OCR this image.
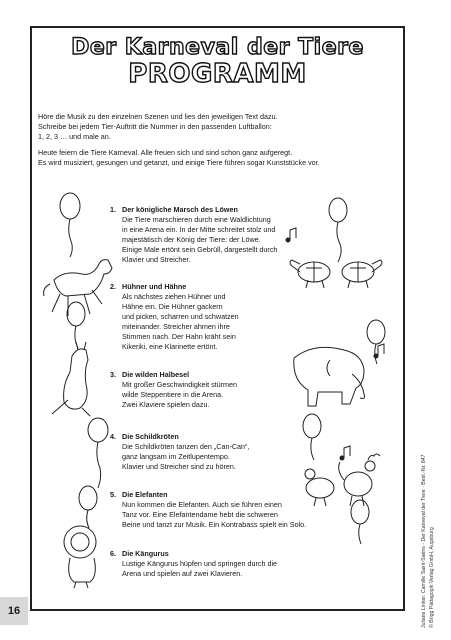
Der Karneval der Tiere
PROGRAMM

Höre die Musik zu den einzelnen Szenen und lies den jeweiligen Text dazu.
Schreibe bei jedem Tier-Auftritt die Nummer in den passenden Luftballon:
1, 2, 3 … und male an.

Heute feiern die Tiere Karneval. Alle freuen sich und sind schon ganz aufgeregt.
Es wird musiziert, gesungen und getanzt, und einige Tiere führen sogar Kunststücke vor.

1. Der königliche Marsch des Löwen
Die Tiere marschieren durch eine Waldlichtung
in eine Arena ein. In der Mitte schreitet stolz und
majestätisch der König der Tiere: der Löwe.
Einige Male ertönt sein Gebrüll, dargestellt durch
Klavier und Streicher.
2. Hühner und Hähne
Als nächstes ziehen Hühner und
Hähne ein. Die Hühner gackern
und picken, scharren und schwatzen
miteinander. Streicher ahmen ihre
Stimmen nach. Der Hahn kräht sein
Kikeriki, eine Klarinette ertönt.
3. Die wilden Halbesel
Mit großer Geschwindigkeit stürmen
wilde Steppentiere in die Arena.
Zwei Klaviere spielen dazu.
4. Die Schildkröten
Die Schildkröten tanzen den „Can-Can“,
ganz langsam im Zeitlupentempo.
Klavier und Streicher sind zu hören.
5. Die Elefanten
Nun kommen die Elefanten. Auch sie führen einen
Tanz vor. Eine Elefantendame hebt die schweren
Beine und tanzt zur Musik. Ein Kontrabass spielt ein Solo.
6. Die Kängurus
Lustige Kängurus hüpfen und springen durch die
Arena und spielen auf zwei Klavieren.	Juliane Linker: Camille Saint-Saëns - Der Karneval der Tiere · Best.-Nr. 847 © Brigg Pädagogik Verlag GmbH, Augsburg
16
